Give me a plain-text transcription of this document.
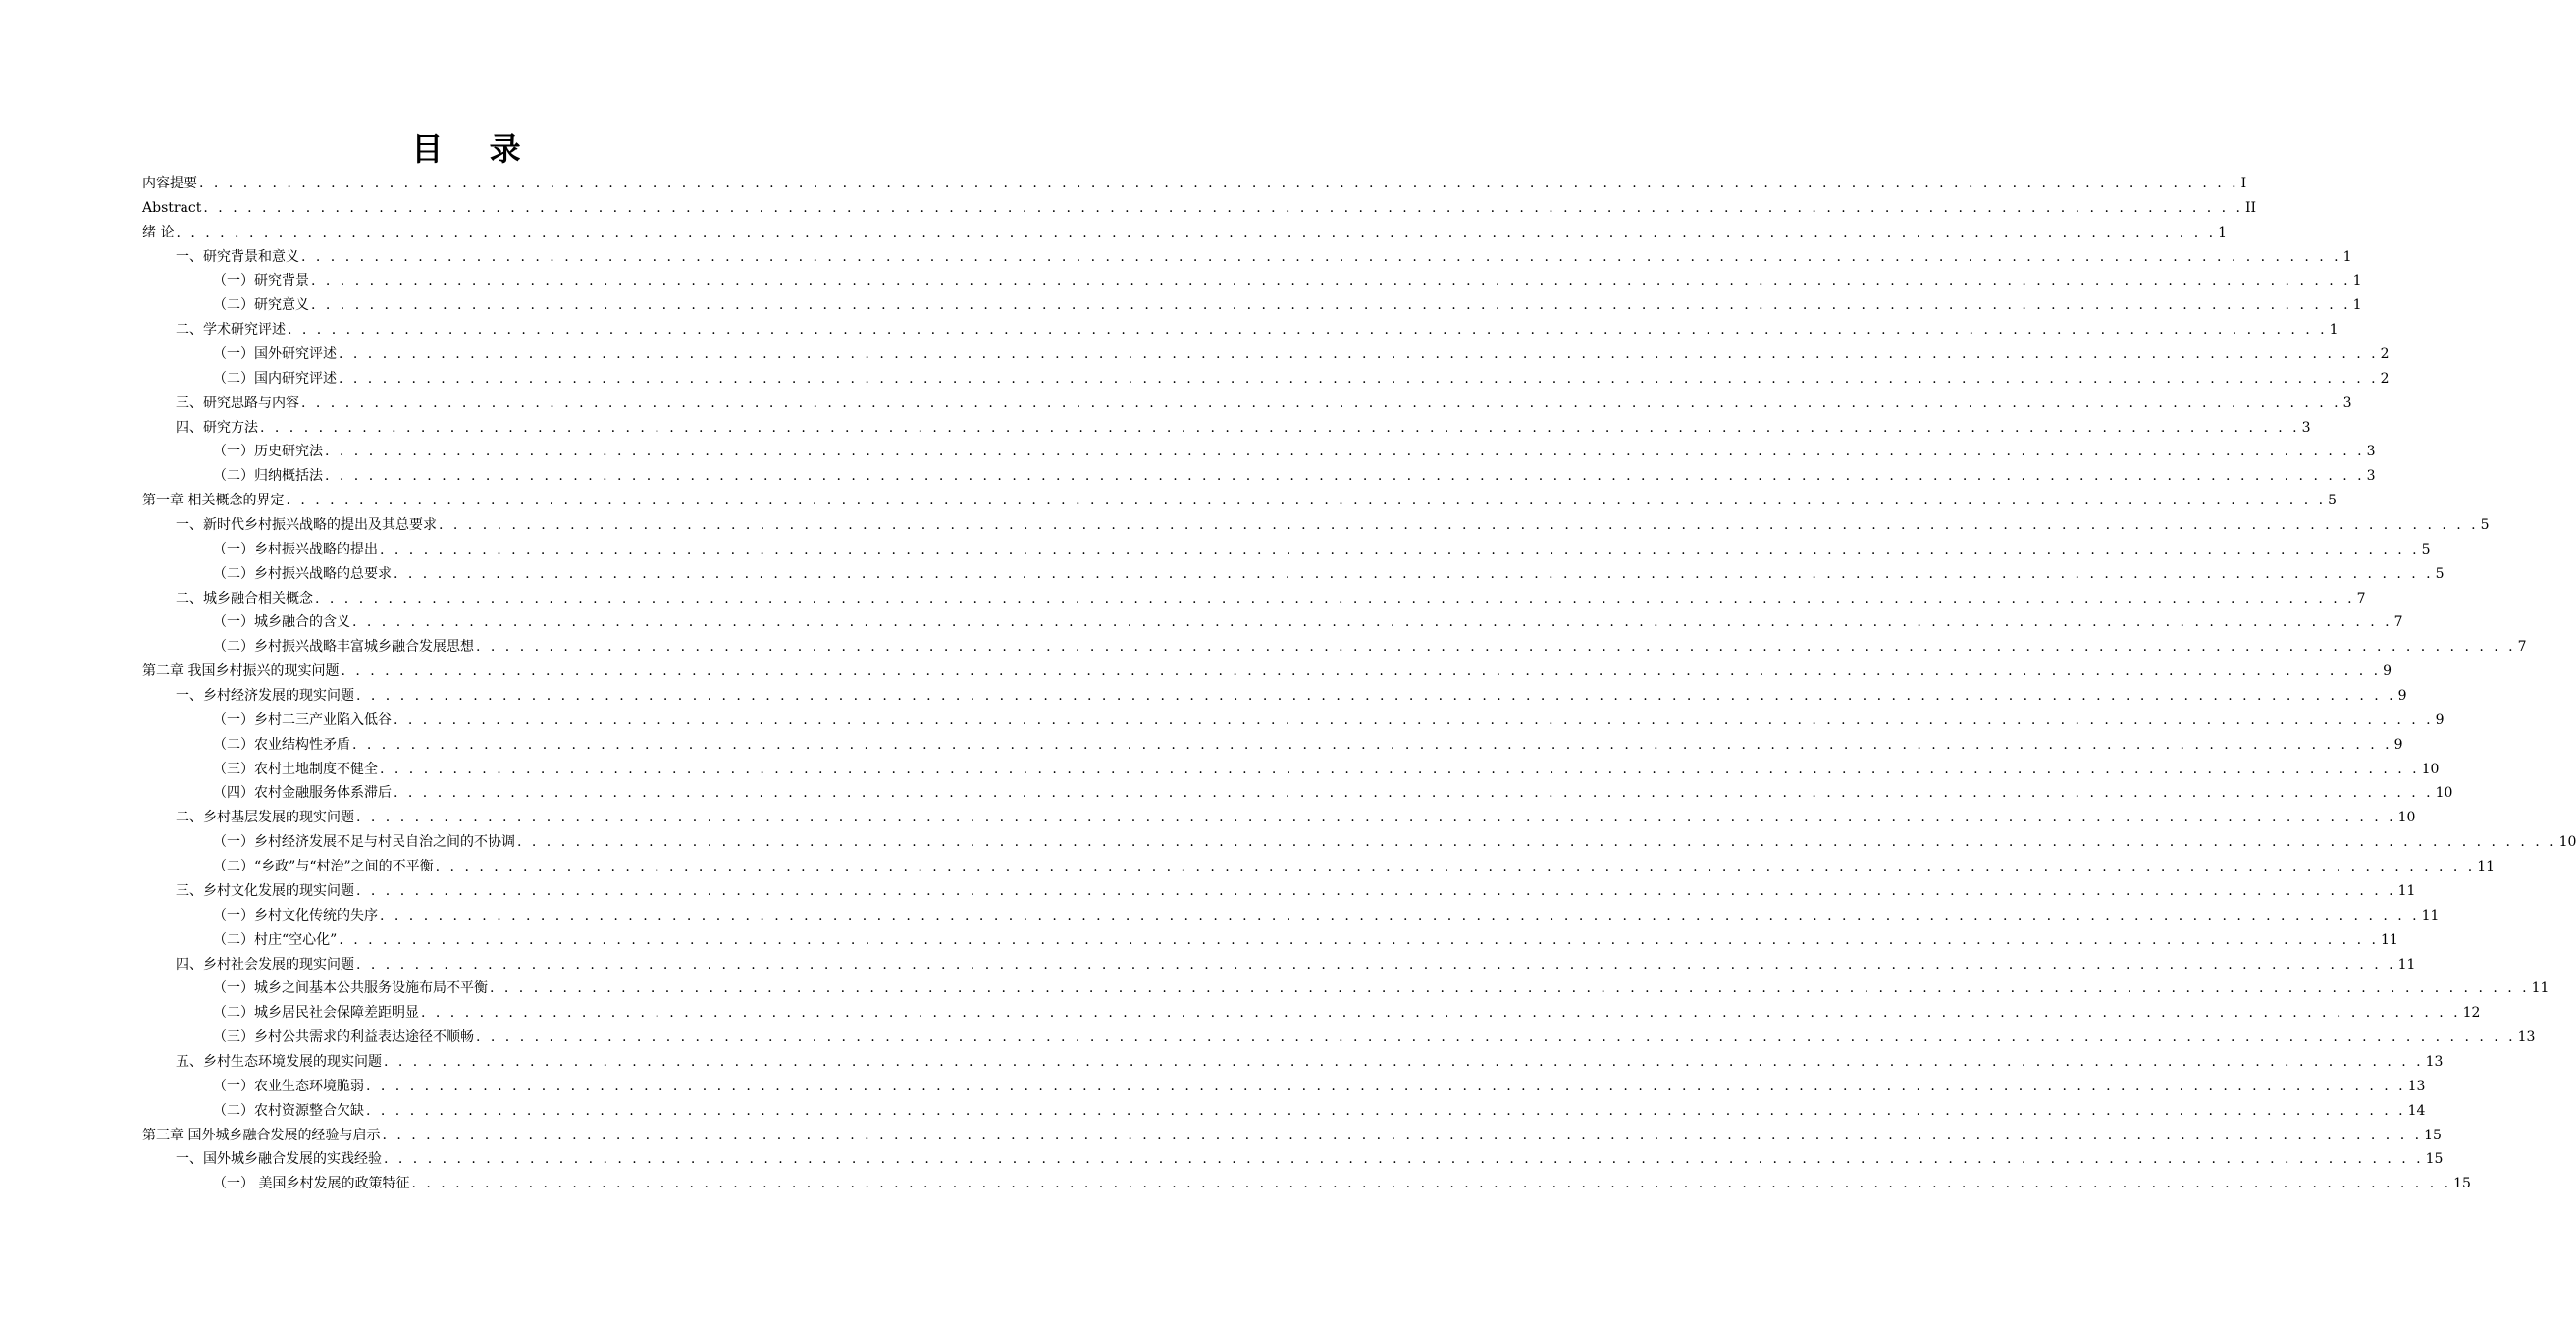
目 录
内容提要 . . . . . . . . . . . . . . . . . . . . . . . . . . . . . . . . . . . . . . . . . . . . . . . . . . . . . . . . . . . . . . . . . . . . . . . . . . . . . . . . . . . . . . . . . . . . . . . . . . . . . . . . . . . . . . . . . . . . . . . . . . . . . . . . . . . . . . . . . . . . I
Abstract . . . . . . . . . . . . . . . . . . . . . . . . . . . . . . . . . . . . . . . . . . . . . . . . . . . . . . . . . . . . . . . . . . . . . . . . . . . . . . . . . . . . . . . . . . . . . . . . . . . . . . . . . . . . . . . . . . . . . . . . . . . . . . . . . . . . . . . . . . . . II
绪 论 . . . . . . . . . . . . . . . . . . . . . . . . . . . . . . . . . . . . . . . . . . . . . . . . . . . . . . . . . . . . . . . . . . . . . . . . . . . . . . . . . . . . . . . . . . . . . . . . . . . . . . . . . . . . . . . . . . . . . . . . . . . . . . . . . . . . . . . . . . . . 1
一、研究背景和意义 . . . . . . . . . . . . . . . . . . . . . . . . . . . . . . . . . . . . . . . . . . . . . . . . . . . . . . . . . . . . . . . . . . . . . . . . . . . . . . . . . . . . . . . . . . . . . . . . . . . . . . . . . . . . . . . . . . . . . . . . . . . . . . . . . . . . . . . . . . . . 1
（一）研究背景 . . . . . . . . . . . . . . . . . . . . . . . . . . . . . . . . . . . . . . . . . . . . . . . . . . . . . . . . . . . . . . . . . . . . . . . . . . . . . . . . . . . . . . . . . . . . . . . . . . . . . . . . . . . . . . . . . . . . . . . . . . . . . . . . . . . . . . . . . . . . 1
（二）研究意义 . . . . . . . . . . . . . . . . . . . . . . . . . . . . . . . . . . . . . . . . . . . . . . . . . . . . . . . . . . . . . . . . . . . . . . . . . . . . . . . . . . . . . . . . . . . . . . . . . . . . . . . . . . . . . . . . . . . . . . . . . . . . . . . . . . . . . . . . . . . . 1
二、学术研究评述 . . . . . . . . . . . . . . . . . . . . . . . . . . . . . . . . . . . . . . . . . . . . . . . . . . . . . . . . . . . . . . . . . . . . . . . . . . . . . . . . . . . . . . . . . . . . . . . . . . . . . . . . . . . . . . . . . . . . . . . . . . . . . . . . . . . . . . . . . . . . 1
（一）国外研究评述 . . . . . . . . . . . . . . . . . . . . . . . . . . . . . . . . . . . . . . . . . . . . . . . . . . . . . . . . . . . . . . . . . . . . . . . . . . . . . . . . . . . . . . . . . . . . . . . . . . . . . . . . . . . . . . . . . . . . . . . . . . . . . . . . . . . . . . . . . . . . 2
（二）国内研究评述 . . . . . . . . . . . . . . . . . . . . . . . . . . . . . . . . . . . . . . . . . . . . . . . . . . . . . . . . . . . . . . . . . . . . . . . . . . . . . . . . . . . . . . . . . . . . . . . . . . . . . . . . . . . . . . . . . . . . . . . . . . . . . . . . . . . . . . . . . . . . 2
三、研究思路与内容 . . . . . . . . . . . . . . . . . . . . . . . . . . . . . . . . . . . . . . . . . . . . . . . . . . . . . . . . . . . . . . . . . . . . . . . . . . . . . . . . . . . . . . . . . . . . . . . . . . . . . . . . . . . . . . . . . . . . . . . . . . . . . . . . . . . . . . . . . . . . 3
四、研究方法 . . . . . . . . . . . . . . . . . . . . . . . . . . . . . . . . . . . . . . . . . . . . . . . . . . . . . . . . . . . . . . . . . . . . . . . . . . . . . . . . . . . . . . . . . . . . . . . . . . . . . . . . . . . . . . . . . . . . . . . . . . . . . . . . . . . . . . . . . . . . 3
（一）历史研究法 . . . . . . . . . . . . . . . . . . . . . . . . . . . . . . . . . . . . . . . . . . . . . . . . . . . . . . . . . . . . . . . . . . . . . . . . . . . . . . . . . . . . . . . . . . . . . . . . . . . . . . . . . . . . . . . . . . . . . . . . . . . . . . . . . . . . . . . . . . . . 3
（二）归纳概括法 . . . . . . . . . . . . . . . . . . . . . . . . . . . . . . . . . . . . . . . . . . . . . . . . . . . . . . . . . . . . . . . . . . . . . . . . . . . . . . . . . . . . . . . . . . . . . . . . . . . . . . . . . . . . . . . . . . . . . . . . . . . . . . . . . . . . . . . . . . . . 3
第一章 相关概念的界定 . . . . . . . . . . . . . . . . . . . . . . . . . . . . . . . . . . . . . . . . . . . . . . . . . . . . . . . . . . . . . . . . . . . . . . . . . . . . . . . . . . . . . . . . . . . . . . . . . . . . . . . . . . . . . . . . . . . . . . . . . . . . . . . . . . . . . . . . . . . . 5
一、新时代乡村振兴战略的提出及其总要求 . . . . . . . . . . . . . . . . . . . . . . . . . . . . . . . . . . . . . . . . . . . . . . . . . . . . . . . . . . . . . . . . . . . . . . . . . . . . . . . . . . . . . . . . . . . . . . . . . . . . . . . . . . . . . . . . . . . . . . . . . . . . . . . . . . . . . . . . . . . . 5
（一）乡村振兴战略的提出 . . . . . . . . . . . . . . . . . . . . . . . . . . . . . . . . . . . . . . . . . . . . . . . . . . . . . . . . . . . . . . . . . . . . . . . . . . . . . . . . . . . . . . . . . . . . . . . . . . . . . . . . . . . . . . . . . . . . . . . . . . . . . . . . . . . . . . . . . . . . 5
（二）乡村振兴战略的总要求 . . . . . . . . . . . . . . . . . . . . . . . . . . . . . . . . . . . . . . . . . . . . . . . . . . . . . . . . . . . . . . . . . . . . . . . . . . . . . . . . . . . . . . . . . . . . . . . . . . . . . . . . . . . . . . . . . . . . . . . . . . . . . . . . . . . . . . . . . . . . 5
二、城乡融合相关概念 . . . . . . . . . . . . . . . . . . . . . . . . . . . . . . . . . . . . . . . . . . . . . . . . . . . . . . . . . . . . . . . . . . . . . . . . . . . . . . . . . . . . . . . . . . . . . . . . . . . . . . . . . . . . . . . . . . . . . . . . . . . . . . . . . . . . . . . . . . . . 7
（一）城乡融合的含义 . . . . . . . . . . . . . . . . . . . . . . . . . . . . . . . . . . . . . . . . . . . . . . . . . . . . . . . . . . . . . . . . . . . . . . . . . . . . . . . . . . . . . . . . . . . . . . . . . . . . . . . . . . . . . . . . . . . . . . . . . . . . . . . . . . . . . . . . . . . . 7
（二）乡村振兴战略丰富城乡融合发展思想 . . . . . . . . . . . . . . . . . . . . . . . . . . . . . . . . . . . . . . . . . . . . . . . . . . . . . . . . . . . . . . . . . . . . . . . . . . . . . . . . . . . . . . . . . . . . . . . . . . . . . . . . . . . . . . . . . . . . . . . . . . . . . . . . . . . . . . . . . . . . 7
第二章 我国乡村振兴的现实问题 . . . . . . . . . . . . . . . . . . . . . . . . . . . . . . . . . . . . . . . . . . . . . . . . . . . . . . . . . . . . . . . . . . . . . . . . . . . . . . . . . . . . . . . . . . . . . . . . . . . . . . . . . . . . . . . . . . . . . . . . . . . . . . . . . . . . . . . . . . . . 9
一、乡村经济发展的现实问题 . . . . . . . . . . . . . . . . . . . . . . . . . . . . . . . . . . . . . . . . . . . . . . . . . . . . . . . . . . . . . . . . . . . . . . . . . . . . . . . . . . . . . . . . . . . . . . . . . . . . . . . . . . . . . . . . . . . . . . . . . . . . . . . . . . . . . . . . . . . . 9
（一）乡村二三产业陷入低谷 . . . . . . . . . . . . . . . . . . . . . . . . . . . . . . . . . . . . . . . . . . . . . . . . . . . . . . . . . . . . . . . . . . . . . . . . . . . . . . . . . . . . . . . . . . . . . . . . . . . . . . . . . . . . . . . . . . . . . . . . . . . . . . . . . . . . . . . . . . . . 9
（二）农业结构性矛盾 . . . . . . . . . . . . . . . . . . . . . . . . . . . . . . . . . . . . . . . . . . . . . . . . . . . . . . . . . . . . . . . . . . . . . . . . . . . . . . . . . . . . . . . . . . . . . . . . . . . . . . . . . . . . . . . . . . . . . . . . . . . . . . . . . . . . . . . . . . . . 9
（三）农村土地制度不健全 . . . . . . . . . . . . . . . . . . . . . . . . . . . . . . . . . . . . . . . . . . . . . . . . . . . . . . . . . . . . . . . . . . . . . . . . . . . . . . . . . . . . . . . . . . . . . . . . . . . . . . . . . . . . . . . . . . . . . . . . . . . . . . . . . . . . . . . . . . . . 10
（四）农村金融服务体系滞后 . . . . . . . . . . . . . . . . . . . . . . . . . . . . . . . . . . . . . . . . . . . . . . . . . . . . . . . . . . . . . . . . . . . . . . . . . . . . . . . . . . . . . . . . . . . . . . . . . . . . . . . . . . . . . . . . . . . . . . . . . . . . . . . . . . . . . . . . . . . . 10
二、乡村基层发展的现实问题 . . . . . . . . . . . . . . . . . . . . . . . . . . . . . . . . . . . . . . . . . . . . . . . . . . . . . . . . . . . . . . . . . . . . . . . . . . . . . . . . . . . . . . . . . . . . . . . . . . . . . . . . . . . . . . . . . . . . . . . . . . . . . . . . . . . . . . . . . . . . 10
（一）乡村经济发展不足与村民自治之间的不协调 . . . . . . . . . . . . . . . . . . . . . . . . . . . . . . . . . . . . . . . . . . . . . . . . . . . . . . . . . . . . . . . . . . . . . . . . . . . . . . . . . . . . . . . . . . . . . . . . . . . . . . . . . . . . . . . . . . . . . . . . . . . . . . . . . . . . . . . . . . . . 10
（二）“乡政”与“村治”之间的不平衡 . . . . . . . . . . . . . . . . . . . . . . . . . . . . . . . . . . . . . . . . . . . . . . . . . . . . . . . . . . . . . . . . . . . . . . . . . . . . . . . . . . . . . . . . . . . . . . . . . . . . . . . . . . . . . . . . . . . . . . . . . . . . . . . . . . . . . . . . . . . . 11
三、乡村文化发展的现实问题 . . . . . . . . . . . . . . . . . . . . . . . . . . . . . . . . . . . . . . . . . . . . . . . . . . . . . . . . . . . . . . . . . . . . . . . . . . . . . . . . . . . . . . . . . . . . . . . . . . . . . . . . . . . . . . . . . . . . . . . . . . . . . . . . . . . . . . . . . . . . 11
（一）乡村文化传统的失序 . . . . . . . . . . . . . . . . . . . . . . . . . . . . . . . . . . . . . . . . . . . . . . . . . . . . . . . . . . . . . . . . . . . . . . . . . . . . . . . . . . . . . . . . . . . . . . . . . . . . . . . . . . . . . . . . . . . . . . . . . . . . . . . . . . . . . . . . . . . . 11
（二）村庄“空心化” . . . . . . . . . . . . . . . . . . . . . . . . . . . . . . . . . . . . . . . . . . . . . . . . . . . . . . . . . . . . . . . . . . . . . . . . . . . . . . . . . . . . . . . . . . . . . . . . . . . . . . . . . . . . . . . . . . . . . . . . . . . . . . . . . . . . . . . . . . . . 11
四、乡村社会发展的现实问题 . . . . . . . . . . . . . . . . . . . . . . . . . . . . . . . . . . . . . . . . . . . . . . . . . . . . . . . . . . . . . . . . . . . . . . . . . . . . . . . . . . . . . . . . . . . . . . . . . . . . . . . . . . . . . . . . . . . . . . . . . . . . . . . . . . . . . . . . . . . . 11
（一）城乡之间基本公共服务设施布局不平衡 . . . . . . . . . . . . . . . . . . . . . . . . . . . . . . . . . . . . . . . . . . . . . . . . . . . . . . . . . . . . . . . . . . . . . . . . . . . . . . . . . . . . . . . . . . . . . . . . . . . . . . . . . . . . . . . . . . . . . . . . . . . . . . . . . . . . . . . . . . . . 11
（二）城乡居民社会保障差距明显 . . . . . . . . . . . . . . . . . . . . . . . . . . . . . . . . . . . . . . . . . . . . . . . . . . . . . . . . . . . . . . . . . . . . . . . . . . . . . . . . . . . . . . . . . . . . . . . . . . . . . . . . . . . . . . . . . . . . . . . . . . . . . . . . . . . . . . . . . . . . 12
（三）乡村公共需求的利益表达途径不顺畅 . . . . . . . . . . . . . . . . . . . . . . . . . . . . . . . . . . . . . . . . . . . . . . . . . . . . . . . . . . . . . . . . . . . . . . . . . . . . . . . . . . . . . . . . . . . . . . . . . . . . . . . . . . . . . . . . . . . . . . . . . . . . . . . . . . . . . . . . . . . . 13
五、乡村生态环境发展的现实问题 . . . . . . . . . . . . . . . . . . . . . . . . . . . . . . . . . . . . . . . . . . . . . . . . . . . . . . . . . . . . . . . . . . . . . . . . . . . . . . . . . . . . . . . . . . . . . . . . . . . . . . . . . . . . . . . . . . . . . . . . . . . . . . . . . . . . . . . . . . . . 13
（一）农业生态环境脆弱 . . . . . . . . . . . . . . . . . . . . . . . . . . . . . . . . . . . . . . . . . . . . . . . . . . . . . . . . . . . . . . . . . . . . . . . . . . . . . . . . . . . . . . . . . . . . . . . . . . . . . . . . . . . . . . . . . . . . . . . . . . . . . . . . . . . . . . . . . . . . 13
（二）农村资源整合欠缺 . . . . . . . . . . . . . . . . . . . . . . . . . . . . . . . . . . . . . . . . . . . . . . . . . . . . . . . . . . . . . . . . . . . . . . . . . . . . . . . . . . . . . . . . . . . . . . . . . . . . . . . . . . . . . . . . . . . . . . . . . . . . . . . . . . . . . . . . . . . . 14
第三章 国外城乡融合发展的经验与启示 . . . . . . . . . . . . . . . . . . . . . . . . . . . . . . . . . . . . . . . . . . . . . . . . . . . . . . . . . . . . . . . . . . . . . . . . . . . . . . . . . . . . . . . . . . . . . . . . . . . . . . . . . . . . . . . . . . . . . . . . . . . . . . . . . . . . . . . . . . . . 15
一、国外城乡融合发展的实践经验 . . . . . . . . . . . . . . . . . . . . . . . . . . . . . . . . . . . . . . . . . . . . . . . . . . . . . . . . . . . . . . . . . . . . . . . . . . . . . . . . . . . . . . . . . . . . . . . . . . . . . . . . . . . . . . . . . . . . . . . . . . . . . . . . . . . . . . . . . . . . 15
（一） 美国乡村发展的政策特征 . . . . . . . . . . . . . . . . . . . . . . . . . . . . . . . . . . . . . . . . . . . . . . . . . . . . . . . . . . . . . . . . . . . . . . . . . . . . . . . . . . . . . . . . . . . . . . . . . . . . . . . . . . . . . . . . . . . . . . . . . . . . . . . . . . . . . . . . . . . . 15
